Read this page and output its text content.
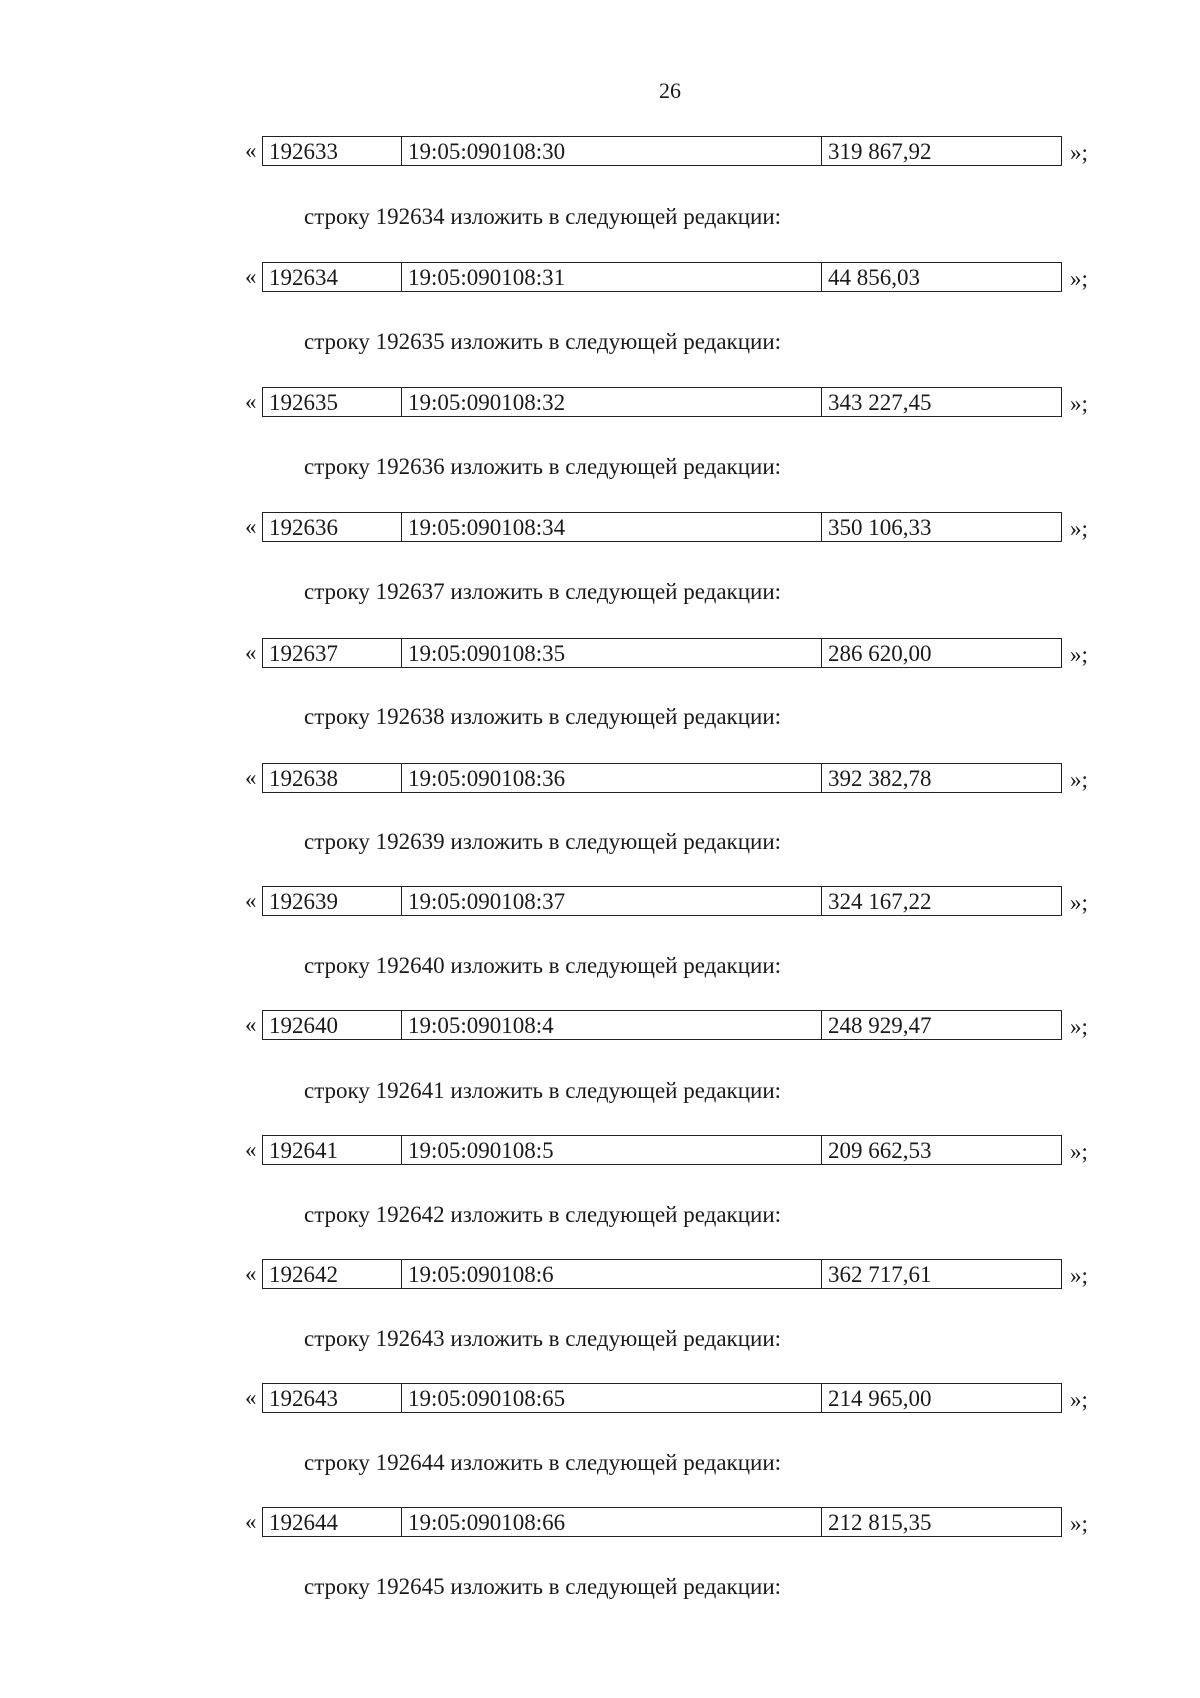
26
« 192633	19:05:090108:30	319 867,92	»;
строку 192634 изложить в следующей редакции:
« 192634	19:05:090108:31	44 856,03	»;
строку 192635 изложить в следующей редакции:
« 192635	19:05:090108:32	343 227,45	»;
строку 192636 изложить в следующей редакции:
« 192636	19:05:090108:34	350 106,33	»;
строку 192637 изложить в следующей редакции:
« 192637	19:05:090108:35	286 620,00	»;
строку 192638 изложить в следующей редакции:
« 192638	19:05:090108:36	392 382,78	»;
строку 192639 изложить в следующей редакции:
« 192639	19:05:090108:37	324 167,22	»;
строку 192640 изложить в следующей редакции:
« 192640	19:05:090108:4	248 929,47	»;
строку 192641 изложить в следующей редакции:
« 192641	19:05:090108:5	209 662,53	»;
строку 192642 изложить в следующей редакции:
« 192642	19:05:090108:6	362 717,61	»;
строку 192643 изложить в следующей редакции:
« 192643	19:05:090108:65	214 965,00	»;
строку 192644 изложить в следующей редакции:
« 192644	19:05:090108:66	212 815,35	»;
строку 192645 изложить в следующей редакции:
